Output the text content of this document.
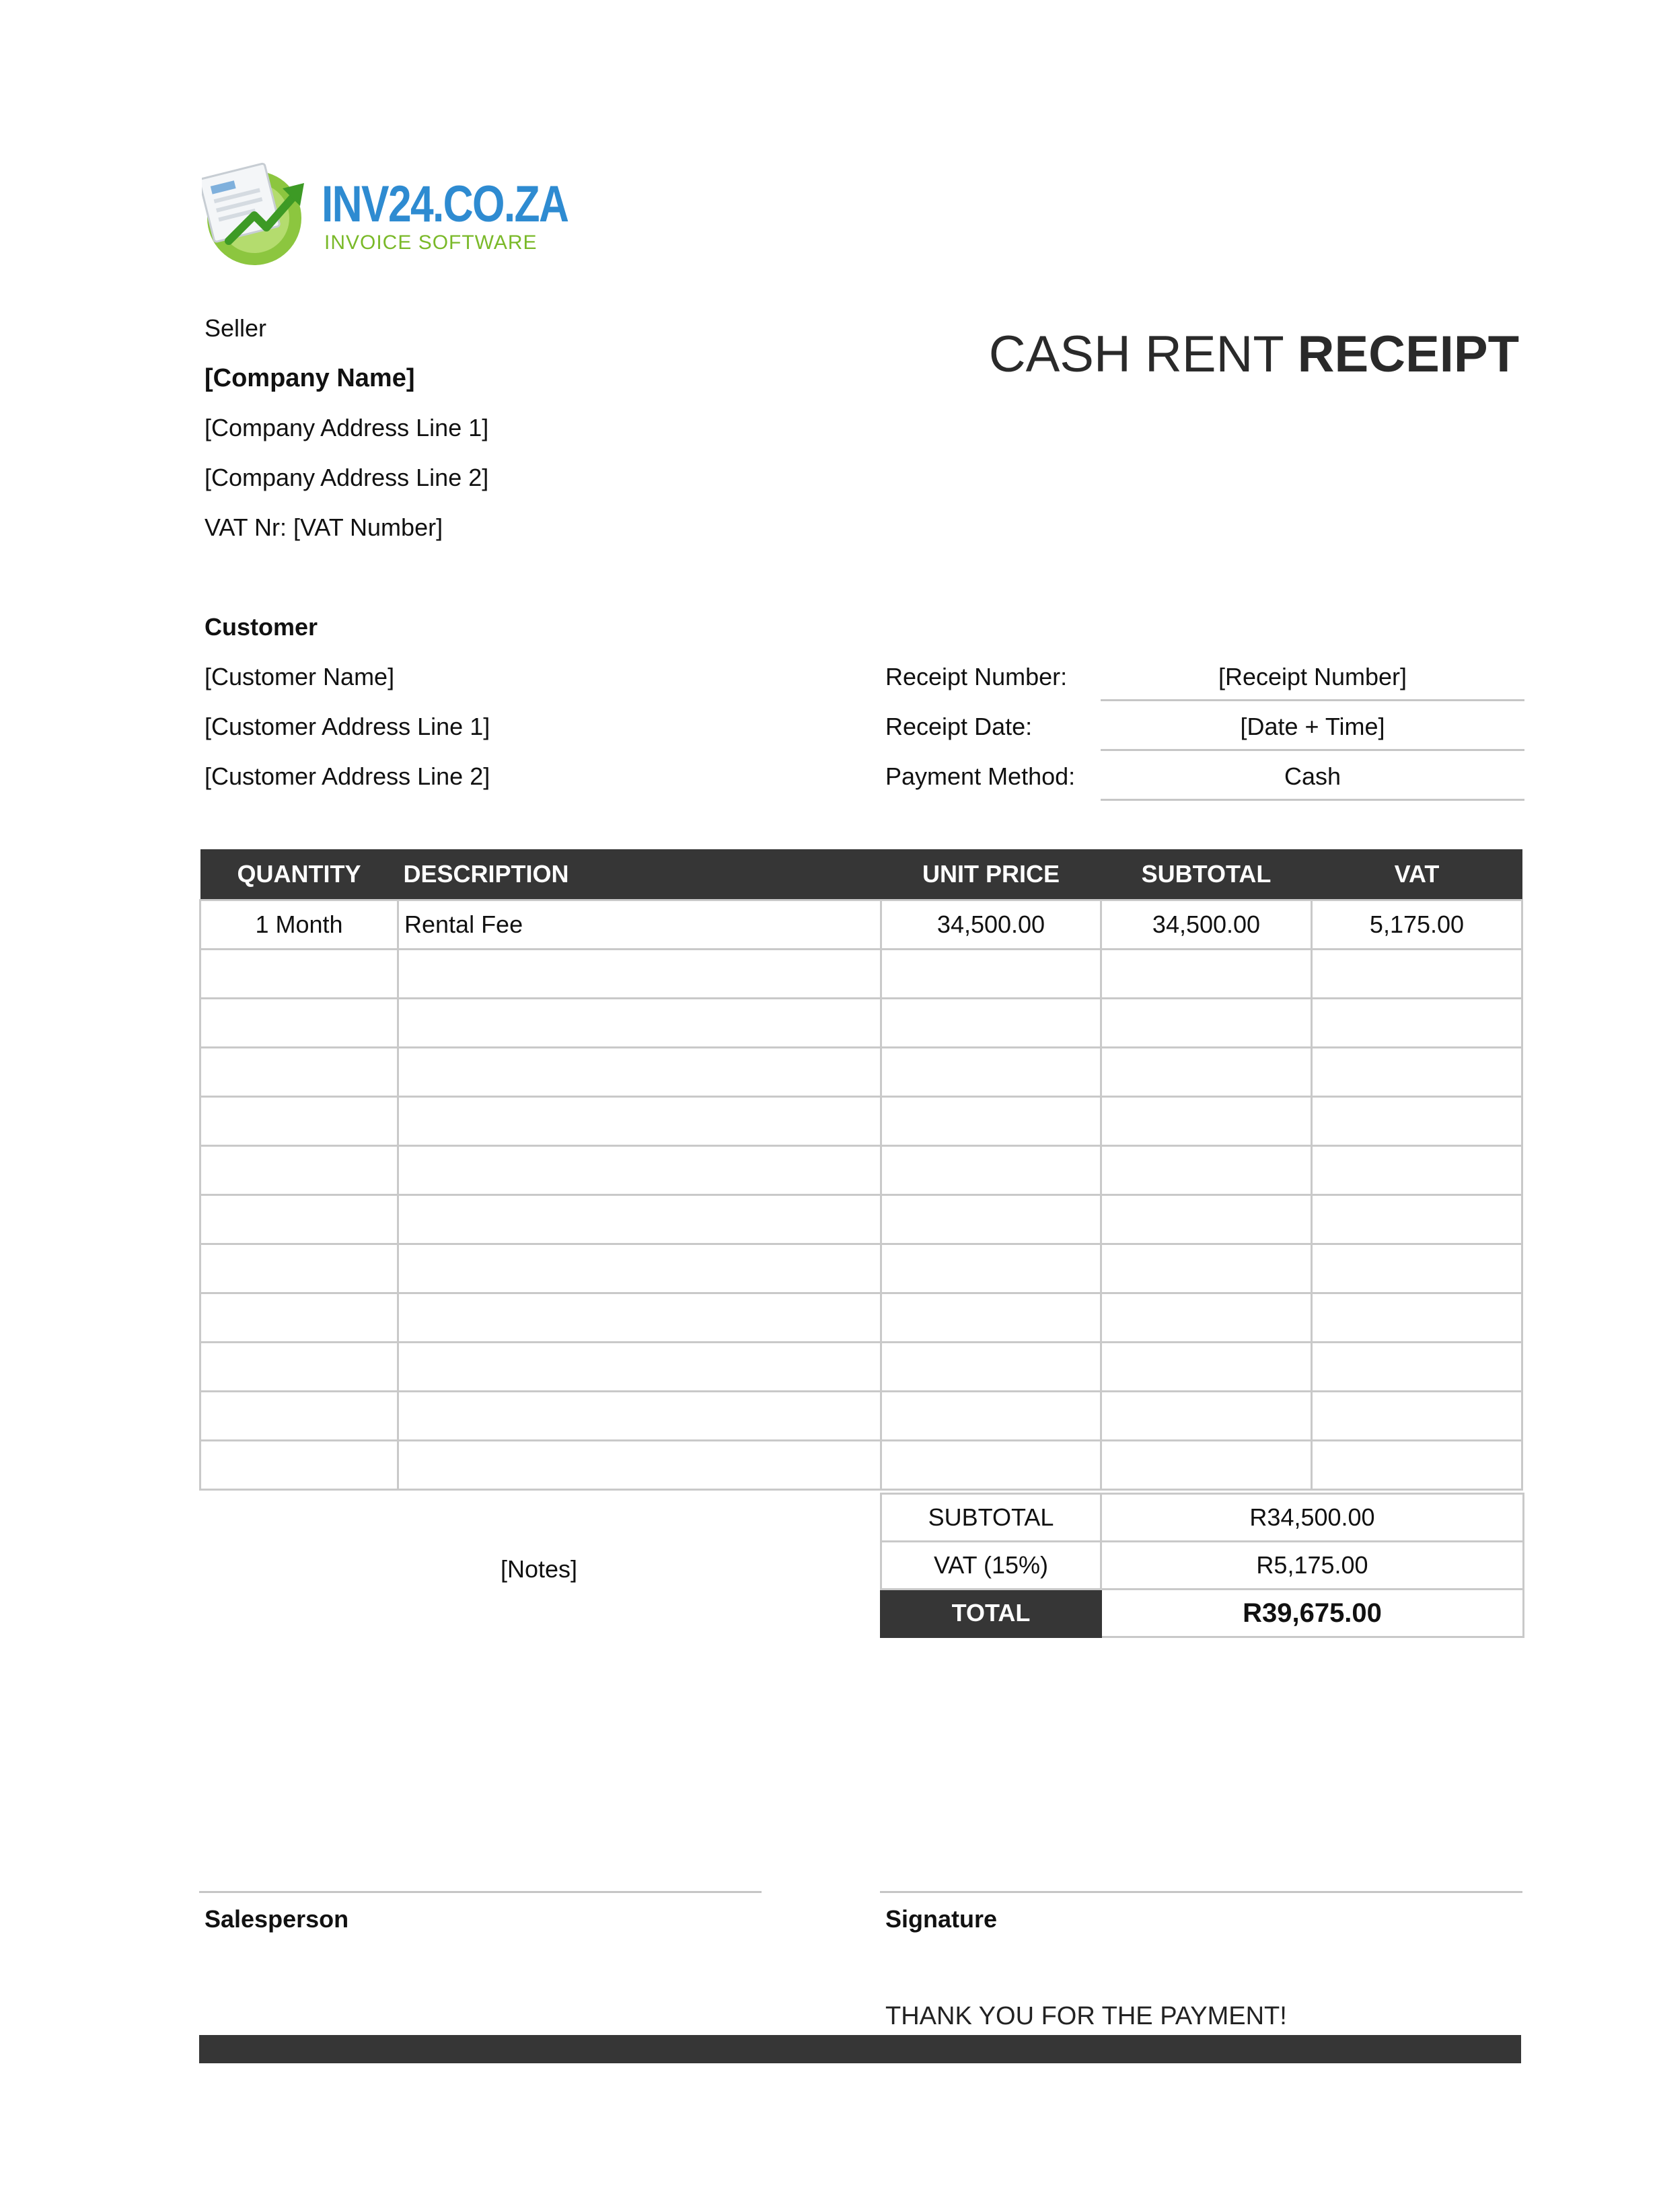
INV24.CO.ZA
INVOICE SOFTWARE
CASH RENT RECEIPT
Seller
[Company Name]
[Company Address Line 1]
[Company Address Line 2]
VAT Nr: [VAT Number]
Customer
[Customer Name]
[Customer Address Line 1]
[Customer Address Line 2]
Receipt Number:	[Receipt Number]
Receipt Date:	[Date + Time]
Payment Method:	Cash
QUANTITY	DESCRIPTION	UNIT PRICE	SUBTOTAL	VAT
1 Month	Rental Fee	34,500.00	34,500.00	5,175.00

[Notes]
SUBTOTAL	R34,500.00
VAT (15%)	R5,175.00
TOTAL	R39,675.00
Salesperson	Signature
THANK YOU FOR THE PAYMENT!
